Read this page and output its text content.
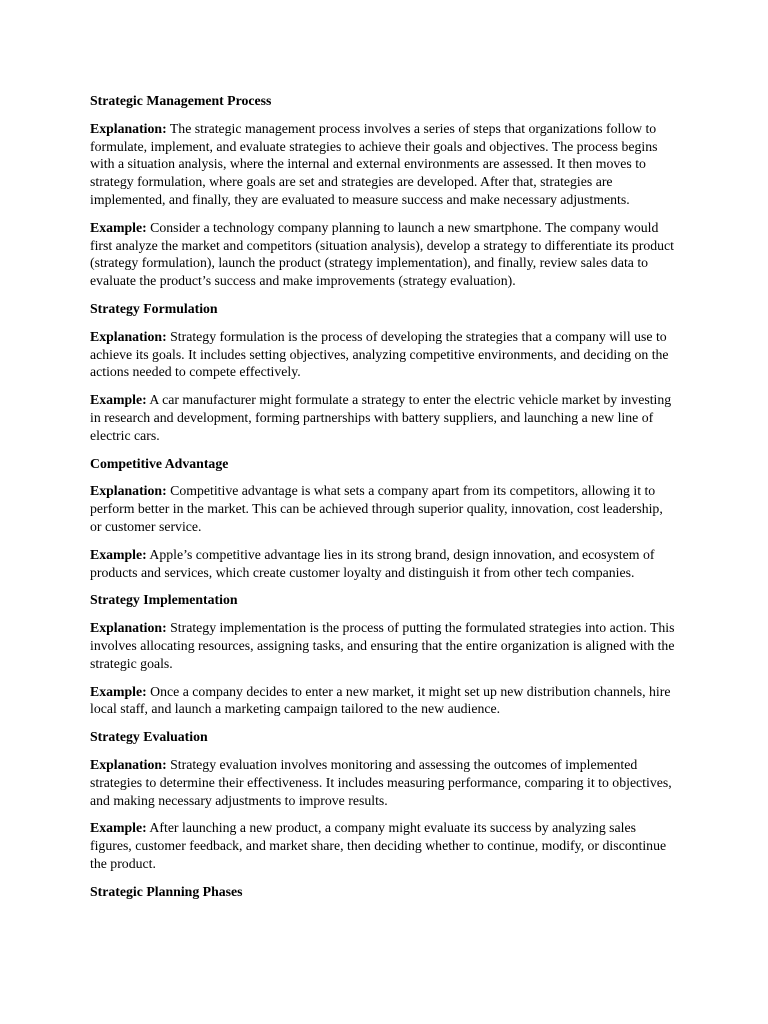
Strategic Management Process

Explanation: The strategic management process involves a series of steps that organizations follow to
formulate, implement, and evaluate strategies to achieve their goals and objectives. The process begins
with a situation analysis, where the internal and external environments are assessed. It then moves to
strategy formulation, where goals are set and strategies are developed. After that, strategies are
implemented, and finally, they are evaluated to measure success and make necessary adjustments.

Example: Consider a technology company planning to launch a new smartphone. The company would
first analyze the market and competitors (situation analysis), develop a strategy to differentiate its product
(strategy formulation), launch the product (strategy implementation), and finally, review sales data to
evaluate the product’s success and make improvements (strategy evaluation).

Strategy Formulation

Explanation: Strategy formulation is the process of developing the strategies that a company will use to
achieve its goals. It includes setting objectives, analyzing competitive environments, and deciding on the
actions needed to compete effectively.

Example: A car manufacturer might formulate a strategy to enter the electric vehicle market by investing
in research and development, forming partnerships with battery suppliers, and launching a new line of
electric cars.

Competitive Advantage

Explanation: Competitive advantage is what sets a company apart from its competitors, allowing it to
perform better in the market. This can be achieved through superior quality, innovation, cost leadership,
or customer service.

Example: Apple’s competitive advantage lies in its strong brand, design innovation, and ecosystem of
products and services, which create customer loyalty and distinguish it from other tech companies.

Strategy Implementation

Explanation: Strategy implementation is the process of putting the formulated strategies into action. This
involves allocating resources, assigning tasks, and ensuring that the entire organization is aligned with the
strategic goals.

Example: Once a company decides to enter a new market, it might set up new distribution channels, hire
local staff, and launch a marketing campaign tailored to the new audience.

Strategy Evaluation

Explanation: Strategy evaluation involves monitoring and assessing the outcomes of implemented
strategies to determine their effectiveness. It includes measuring performance, comparing it to objectives,
and making necessary adjustments to improve results.

Example: After launching a new product, a company might evaluate its success by analyzing sales
figures, customer feedback, and market share, then deciding whether to continue, modify, or discontinue
the product.

Strategic Planning Phases
